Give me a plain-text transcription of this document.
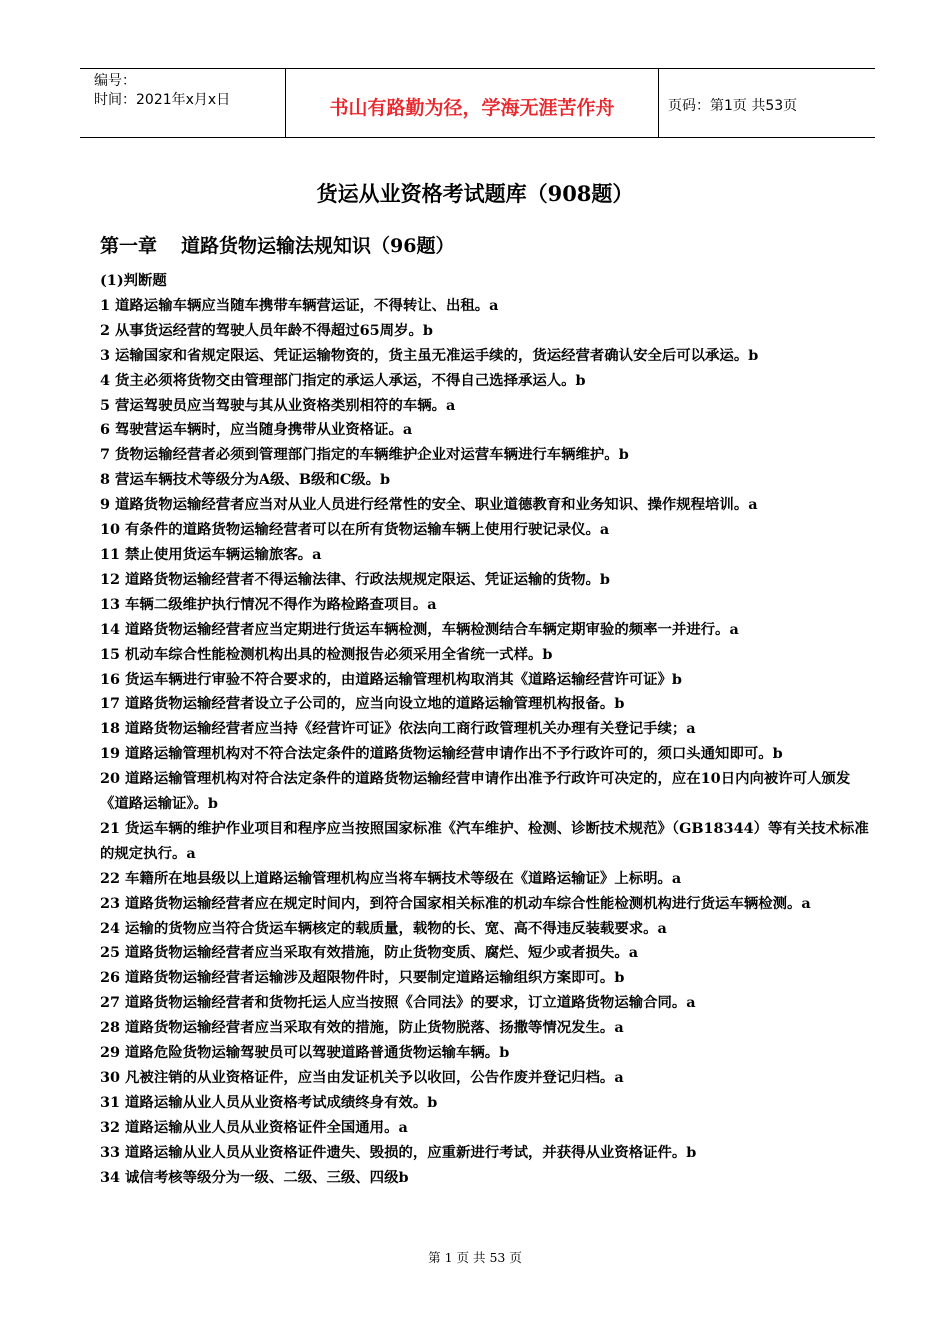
编号：
时间：2021年x月x日	书山有路勤为径，学海无涯苦作舟	页码：第1页 共53页
货运从业资格考试题库（908题）
第一章 道路货物运输法规知识（96题）

(1)判断题

1 道路运输车辆应当随车携带车辆营运证，不得转让、出租。a

2 从事货运经营的驾驶人员年龄不得超过65周岁。b

3 运输国家和省规定限运、凭证运输物资的，货主虽无准运手续的，货运经营者确认安全后可以承运。b

4 货主必须将货物交由管理部门指定的承运人承运，不得自己选择承运人。b

5 营运驾驶员应当驾驶与其从业资格类别相符的车辆。a

6 驾驶营运车辆时，应当随身携带从业资格证。a

7 货物运输经营者必须到管理部门指定的车辆维护企业对运营车辆进行车辆维护。b

8 营运车辆技术等级分为A级、B级和C级。b

9 道路货物运输经营者应当对从业人员进行经常性的安全、职业道德教育和业务知识、操作规程培训。a

10 有条件的道路货物运输经营者可以在所有货物运输车辆上使用行驶记录仪。a

11 禁止使用货运车辆运输旅客。a

12 道路货物运输经营者不得运输法律、行政法规规定限运、凭证运输的货物。b

13 车辆二级维护执行情况不得作为路检路查项目。a

14 道路货物运输经营者应当定期进行货运车辆检测，车辆检测结合车辆定期审验的频率一并进行。a

15 机动车综合性能检测机构出具的检测报告必须采用全省统一式样。b

16 货运车辆进行审验不符合要求的，由道路运输管理机构取消其《道路运输经营许可证》b

17 道路货物运输经营者设立子公司的，应当向设立地的道路运输管理机构报备。b

18 道路货物运输经营者应当持《经营许可证》依法向工商行政管理机关办理有关登记手续；a

19 道路运输管理机构对不符合法定条件的道路货物运输经营申请作出不予行政许可的，须口头通知即可。b

20 道路运输管理机构对符合法定条件的道路货物运输经营申请作出准予行政许可决定的，应在10日内向被许可人颁发《道路运输证》。b

21 货运车辆的维护作业项目和程序应当按照国家标准《汽车维护、检测、诊断技术规范》（GB18344）等有关技术标准的规定执行。a

22 车籍所在地县级以上道路运输管理机构应当将车辆技术等级在《道路运输证》上标明。a

23 道路货物运输经营者应在规定时间内，到符合国家相关标准的机动车综合性能检测机构进行货运车辆检测。a

24 运输的货物应当符合货运车辆核定的载质量，载物的长、宽、高不得违反装载要求。a

25 道路货物运输经营者应当采取有效措施，防止货物变质、腐烂、短少或者损失。a

26 道路货物运输经营者运输涉及超限物件时，只要制定道路运输组织方案即可。b

27 道路货物运输经营者和货物托运人应当按照《合同法》的要求，订立道路货物运输合同。a

28 道路货物运输经营者应当采取有效的措施，防止货物脱落、扬撒等情况发生。a

29 道路危险货物运输驾驶员可以驾驶道路普通货物运输车辆。b

30 凡被注销的从业资格证件，应当由发证机关予以收回，公告作废并登记归档。a

31 道路运输从业人员从业资格考试成绩终身有效。b

32 道路运输从业人员从业资格证件全国通用。a

33 道路运输从业人员从业资格证件遗失、毁损的，应重新进行考试，并获得从业资格证件。b

34 诚信考核等级分为一级、二级、三级、四级b

第 1 页 共 53 页
